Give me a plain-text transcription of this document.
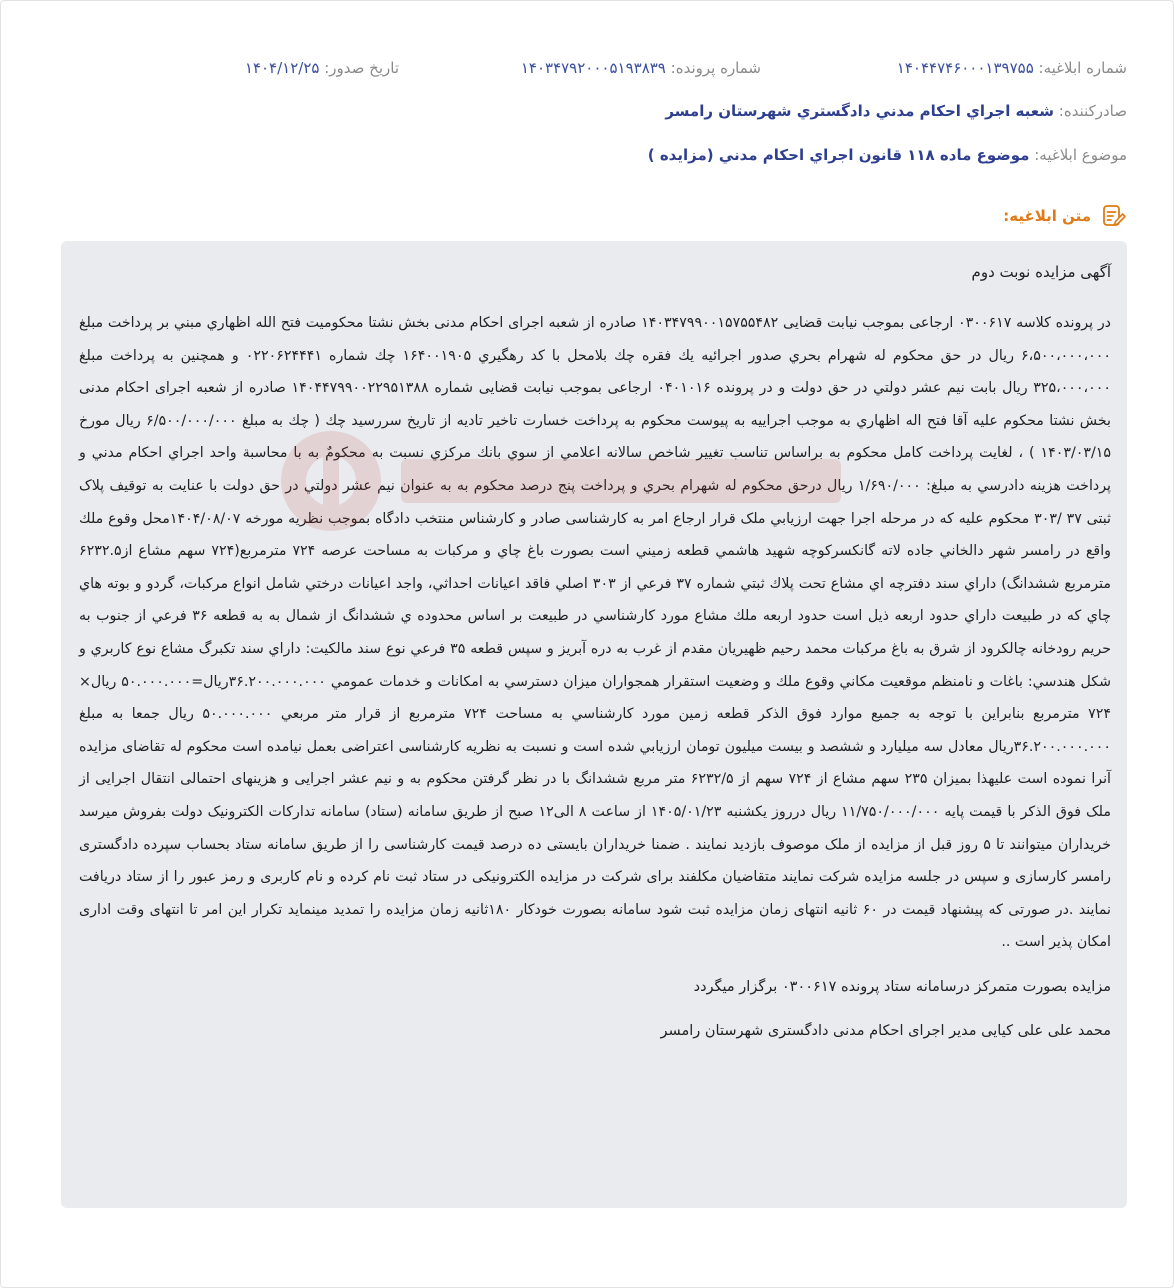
شماره ابلاغیه: ۱۴۰۴۴۷۴۶۰۰۰۱۳۹۷۵۵
شماره پرونده: ۱۴۰۳۴۷۹۲۰۰۰۵۱۹۳۸۳۹
تاریخ صدور: ۱۴۰۴/۱۲/۲۵
صادرکننده: شعبه اجراي احكام مدني دادگستري شهرستان رامسر
موضوع ابلاغیه: موضوع ماده ۱۱۸ قانون اجراي احكام مدني (مزايده )
متن ابلاغیه:
آگهی مزایده نوبت دوم
در پرونده کلاسه ۰۳۰۰۶۱۷ ارجاعی بموجب نیابت قضایی ۱۴۰۳۴۷۹۹۰۰۱۵۷۵۵۴۸۲ صادره از شعبه اجرای احکام مدنی بخش نشتا محکومیت فتح الله اظهاري مبني بر پرداخت مبلغ ۶،۵۰۰،۰۰۰،۰۰۰ ريال در حق محكوم له شهرام بحري صدور اجرائيه يك فقره چك بلامحل با كد رهگيري ۱۶۴۰۰۱۹۰۵ چك شماره ۰۲۲۰۶۲۴۴۴۱ و همچنین به پرداخت مبلغ ۳۲۵،۰۰۰،۰۰۰ ریال بابت نیم عشر دولتي در حق دولت و در پرونده ۰۴۰۱۰۱۶ ارجاعی بموجب نیابت قضایی شماره ۱۴۰۴۴۷۹۹۰۰۲۲۹۵۱۳۸۸ صادره از شعبه اجرای احکام مدنی بخش نشتا محکوم علیه آقا فتح اله اظهاري به موجب اجراييه به پيوست محكوم به پرداخت خسارت تاخير تاديه از تاريخ سررسيد چك ( چك به مبلغ ۶/۵۰۰/۰۰۰/۰۰۰ ريال مورخ ۱۴۰۳/۰۳/۱۵ ) ، لغايت پرداخت كامل محكوم به براساس تناسب تغيير شاخص سالانه اعلامي از سوي بانك مركزي نسبت به محكومٌ به با محاسبة واحد اجراي احكام مدني و پرداخت هزينه دادرسي به مبلغ: ۱/۶۹۰/۰۰۰ ريال درحق محكوم له شهرام بحري و پرداخت پنج درصد محكوم به به عنوان نيم عشر دولتي در حق دولت با عنایت به توقیف پلاک ثبتی ۳۷ /۳۰۳ محکوم علیه که در مرحله اجرا جهت ارزيابي ملک قرار ارجاع امر به کارشناسی صادر و کارشناس منتخب دادگاه بموجب نظريه مورخه ۱۴۰۴/۰۸/۰۷محل وقوع ملك واقع در رامسر شهر دالخاني جاده لاته گانكسركوچه شهيد هاشمي قطعه زميني است بصورت باغ چاي و مركبات به مساحت عرصه ۷۲۴ مترمربع(۷۲۴ سهم مشاع از۶۲۳۲.۵ مترمربع ششدانگ) داراي سند دفترچه اي مشاع تحت پلاك ثبتي شماره ۳۷ فرعي از ۳۰۳ اصلي فاقد اعيانات احداثي، واجد اعيانات درختي شامل انواع مركبات، گردو و بوته هاي چاي كه در طبيعت داراي حدود اربعه ذيل است حدود اربعه ملك مشاع مورد كارشناسي در طبيعت بر اساس محدوده ي ششدانگ از شمال به به قطعه ۳۶ فرعي از جنوب به حريم رودخانه چالكرود از شرق به باغ مركبات محمد رحيم ظهيريان مقدم از غرب به دره آبريز و سپس قطعه ۳۵ فرعي نوع سند مالكيت: داراي سند تكبرگ مشاع نوع كاربري و شكل هندسي: باغات و نامنظم موقعيت مكاني وقوع ملك و وضعيت استقرار همجواران ميزان دسترسي به امكانات و خدمات عمومي ۳۶.۲۰۰.۰۰۰.۰۰۰ريال=۵۰.۰۰۰.۰۰۰ ريال× ۷۲۴ مترمربع بنابراين با توجه به جميع موارد فوق الذكر قطعه زمين مورد كارشناسي به مساحت ۷۲۴ مترمربع از قرار متر مربعي ۵۰.۰۰۰.۰۰۰ ريال جمعا به مبلغ ۳۶.۲۰۰.۰۰۰.۰۰۰ريال معادل سه ميليارد و ششصد و بيست ميليون تومان ارزيابي شده است و نسبت به نظریه کارشناسی اعتراضی بعمل نیامده است محکوم له تقاضای مزایده آنرا نموده است علیهذا بمیزان ۲۳۵ سهم مشاع از ۷۲۴ سهم از ۶۲۳۲/۵ متر مربع ششدانگ با در نظر گرفتن محکوم به و نیم عشر اجرایی و هزینهای احتمالی انتقال اجرایی از ملک فوق الذکر با قیمت پایه ۱۱/۷۵۰/۰۰۰/۰۰۰ ریال درروز یکشنبه ۱۴۰۵/۰۱/۲۳ از ساعت ۸ الی۱۲ صبح از طریق سامانه (ستاد) سامانه تدارکات الکترونیک دولت بفروش میرسد خریداران میتوانند تا ۵ روز قبل از مزایده از ملک موصوف بازدید نمایند . ضمنا خریداران بایستی ده درصد قیمت کارشناسی را از طریق سامانه ستاد بحساب سپرده دادگستری رامسر کارسازی و سپس در جلسه مزایده شرکت نمایند متقاضیان مکلفند برای شرکت در مزایده الکترونیکی در ستاد ثبت نام کرده و نام کاربری و رمز عبور را از ستاد دریافت نمایند .در صورتی که پیشنهاد قیمت در ۶۰ ثانیه انتهای زمان مزایده ثبت شود سامانه بصورت خودکار ۱۸۰ثانیه زمان مزایده را تمدید مینماید تکرار این امر تا انتهای وقت اداری امکان پذیر است ..
مزایده بصورت متمرکز درسامانه ستاد پرونده ۰۳۰۰۶۱۷ برگزار میگردد
محمد علی علی کیایی مدیر اجرای احکام مدنی دادگستری شهرستان رامسر
